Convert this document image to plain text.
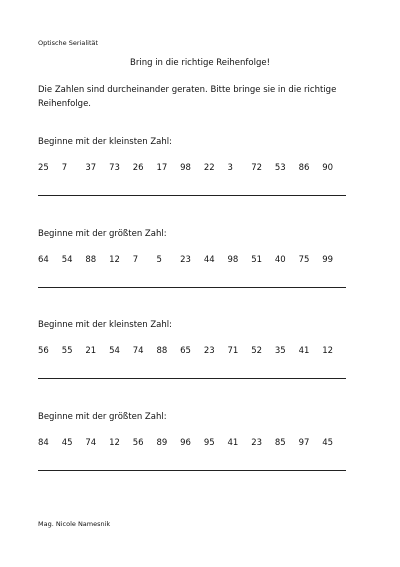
Optische Serialität
Bring in die richtige Reihenfolge!
Die Zahlen sind durcheinander geraten. Bitte bringe sie in die richtige Reihenfolge.
Beginne mit der kleinsten Zahl:
25	7	37	73	26	17	98	22	3	72	53	86	90
Beginne mit der größten Zahl:
64	54	88	12	7	5	23	44	98	51	40	75	99
Beginne mit der kleinsten Zahl:
56	55	21	54	74	88	65	23	71	52	35	41	12
Beginne mit der größten Zahl:
84	45	74	12	56	89	96	95	41	23	85	97	45
Mag. Nicole Namesnik
